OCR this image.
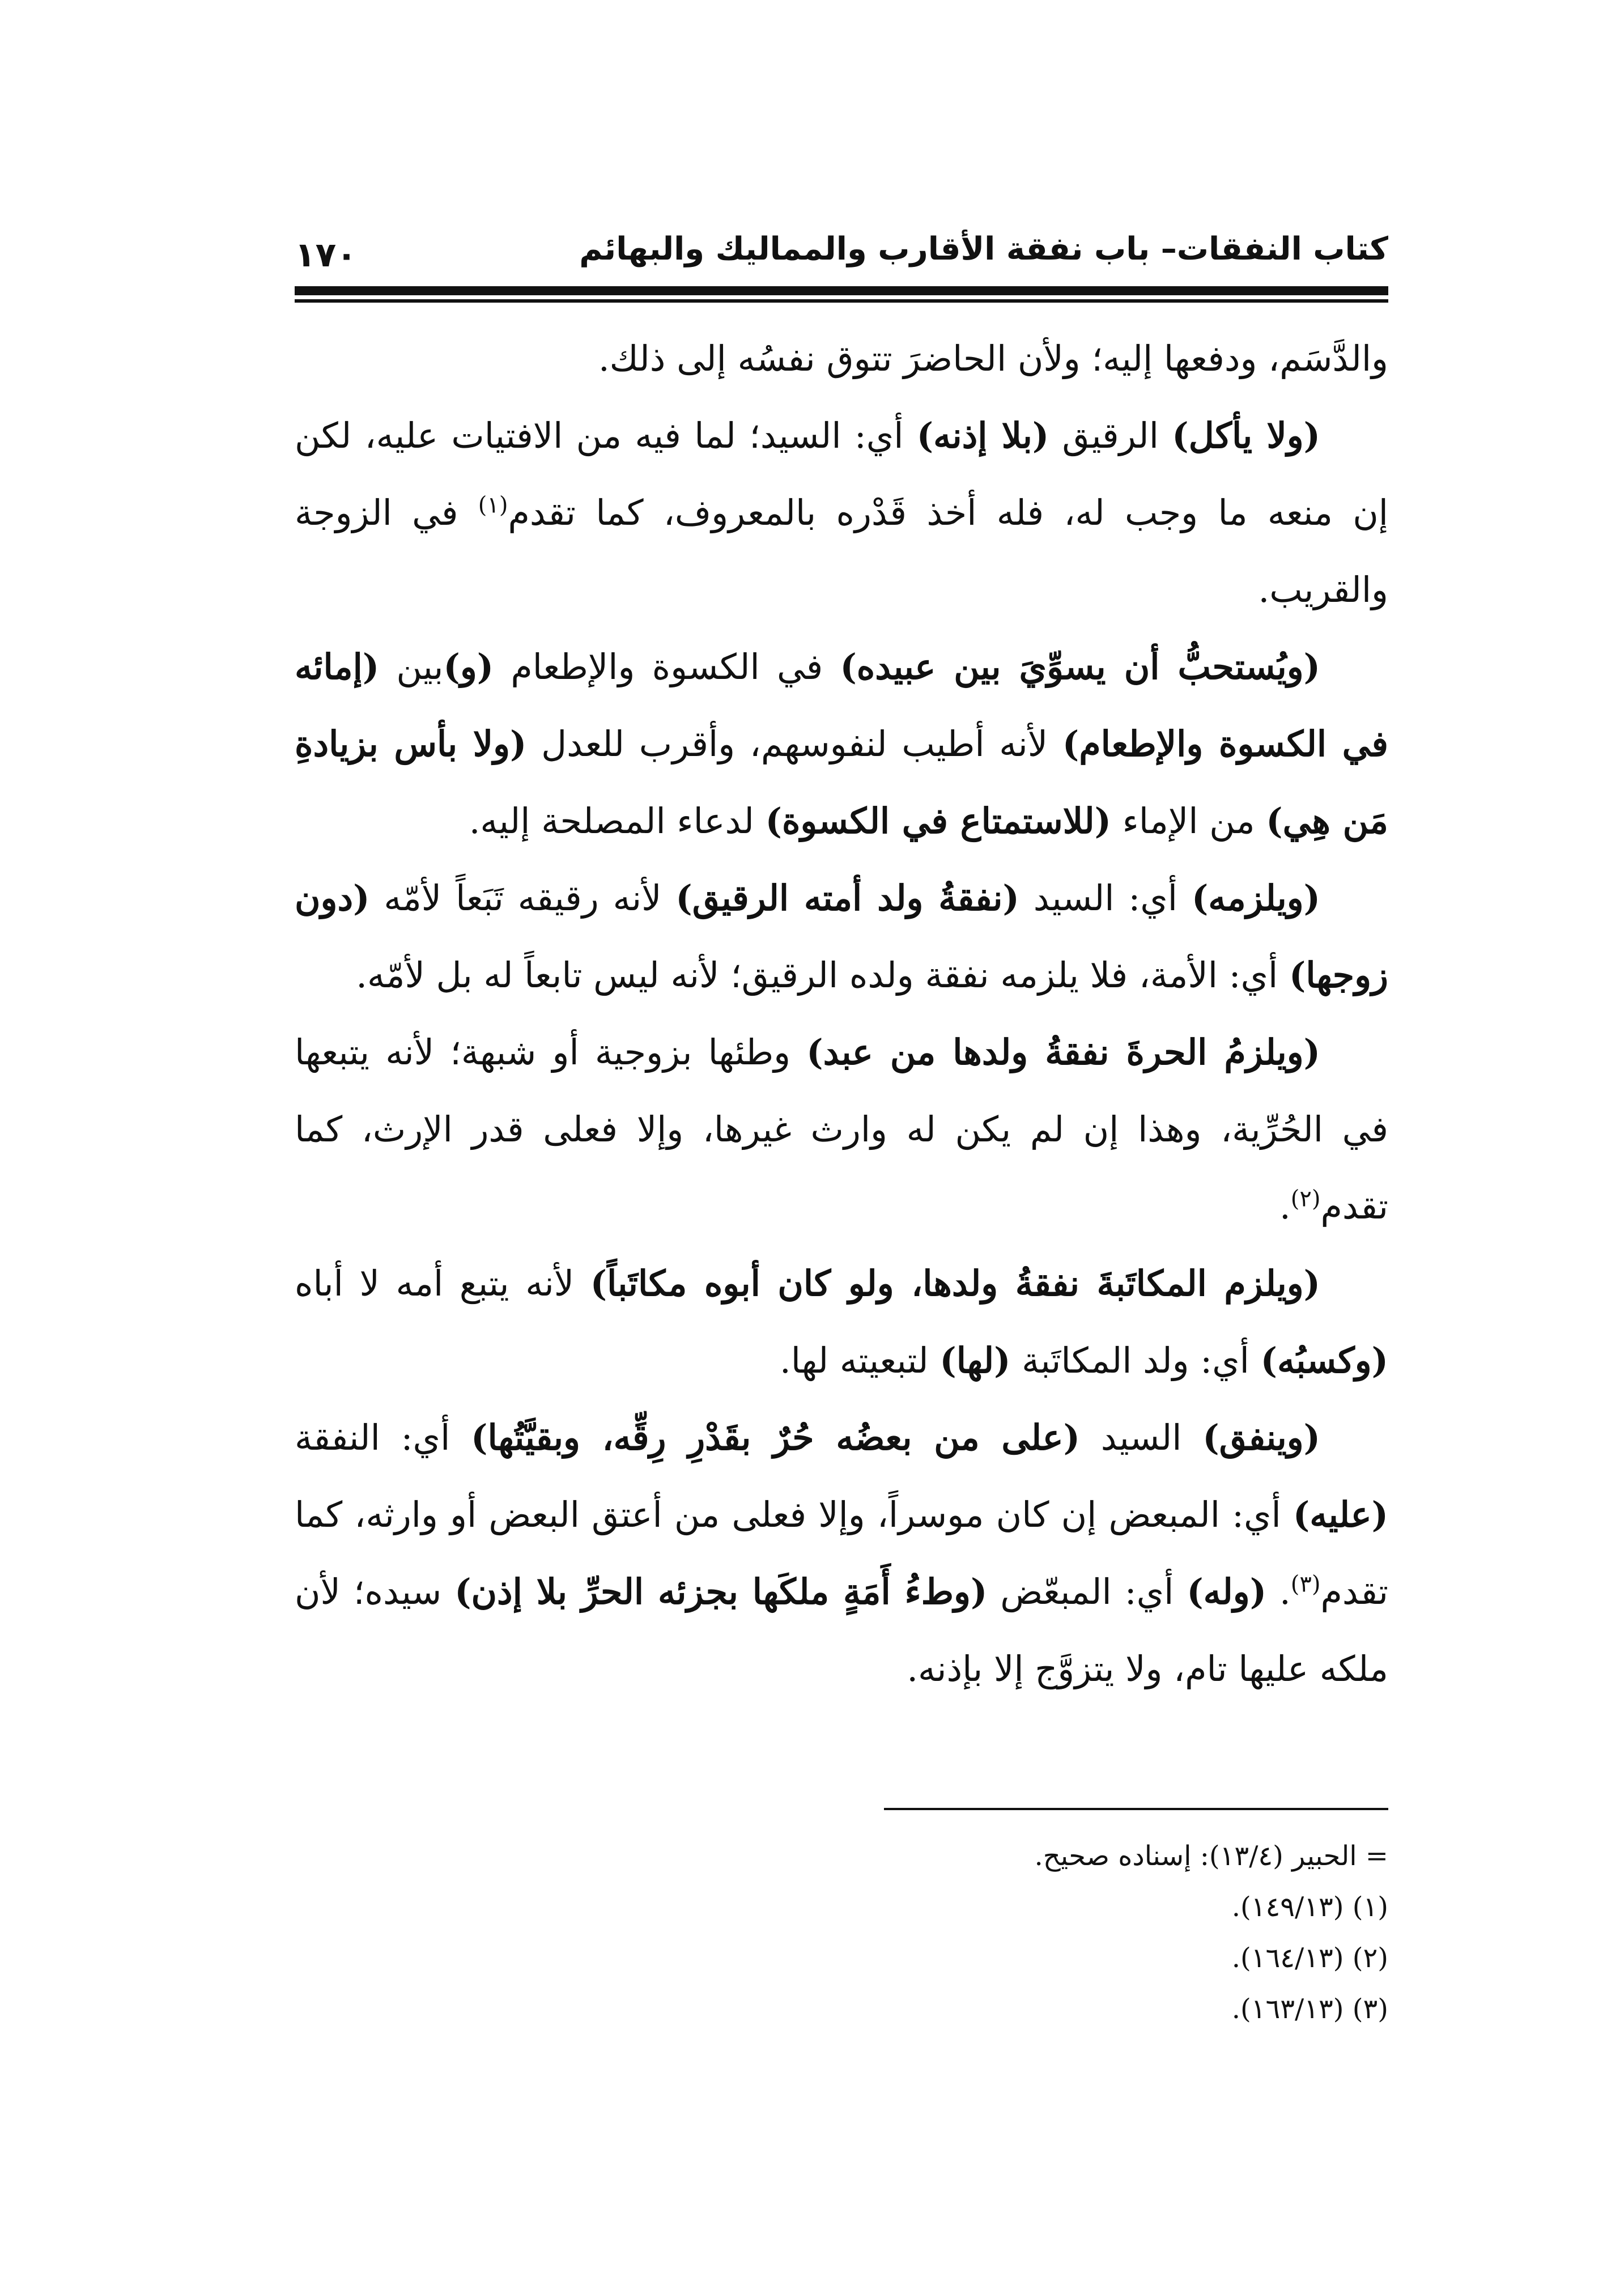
كتاب النفقات– باب نفقة الأقارب والمماليك والبهائم
١٧٠

والدَّسَم، ودفعها إليه؛ ولأن الحاضرَ تتوق نفسُه إلى ذلك.

(ولا يأكل) الرقيق (بلا إذنه) أي: السيد؛ لما فيه من الافتيات عليه، لكن إن منعه ما وجب له، فله أخذ قَدْره بالمعروف، كما تقدم$^{(١)}$ في الزوجة والقريب.

(ويُستحبُّ أن يسوِّيَ بين عبيده) في الكسوة والإطعام (و)بين (إمائه في الكسوة والإطعام) لأنه أطيب لنفوسهم، وأقرب للعدل (ولا بأس بزيادةِ مَن هِي) من الإماء (للاستمتاع في الكسوة) لدعاء المصلحة إليه.

(ويلزمه) أي: السيد (نفقةُ ولد أمته الرقيق) لأنه رقيقه تَبَعاً لأمّه (دون زوجها) أي: الأمة، فلا يلزمه نفقة ولده الرقيق؛ لأنه ليس تابعاً له بل لأمّه.

(ويلزمُ الحرةَ نفقةُ ولدها من عبد) وطئها بزوجية أو شبهة؛ لأنه يتبعها في الحُرِّية، وهذا إن لم يكن له وارث غيرها، وإلا فعلى قدر الإرث، كما تقدم$^{(٢)}$.

(ويلزم المكاتَبةَ نفقةُ ولدها، ولو كان أبوه مكاتَباً) لأنه يتبع أمه لا أباه (وكسبُه) أي: ولد المكاتَبة (لها) لتبعيته لها.

(وينفق) السيد (على من بعضُه حُرٌ بقَدْرِ رِقِّه، وبقيَّتُها) أي: النفقة (عليه) أي: المبعض إن كان موسراً، وإلا فعلى من أعتق البعض أو وارثه، كما تقدم$^{(٣)}$. (وله) أي: المبعّض (وطءُ أَمَةٍ ملكَها بجزئه الحرِّ بلا إذن) سيده؛ لأن ملكه عليها تام، ولا يتزوَّج إلا بإذنه.

= الحبير (١٣/٤): إسناده صحيح.

(١) (١٤٩/١٣).

(٢) (١٦٤/١٣).

(٣) (١٦٣/١٣).
